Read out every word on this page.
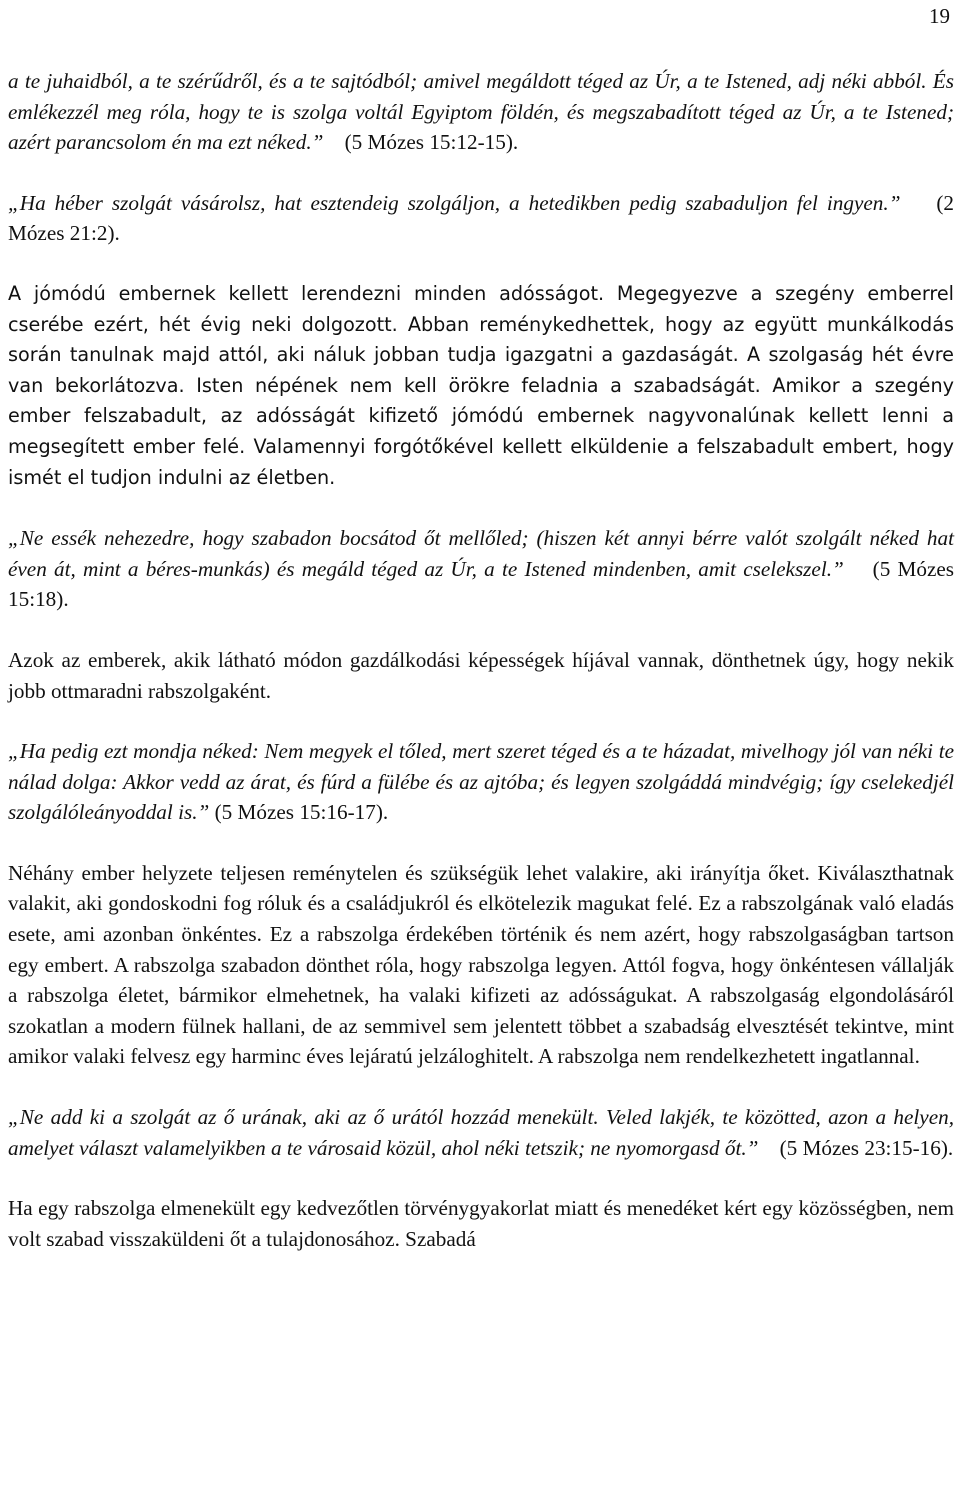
19

a te juhaidból, a te szérűdről, és a te sajtódból; amivel megáldott téged az Úr, a te Istened, adj néki abból. És emlékezzél meg róla, hogy te is szolga voltál Egyiptom földén, és megszabadított téged az Úr, a te Istened; azért parancsolom én ma ezt néked.” (5 Mózes 15:12-15).

„Ha héber szolgát vásárolsz, hat esztendeig szolgáljon, a hetedikben pedig szabaduljon fel ingyen.” (2 Mózes 21:2).

A jómódú embernek kellett lerendezni minden adósságot. Megegyezve a szegény emberrel cserébe ezért, hét évig neki dolgozott. Abban reménykedhettek, hogy az együtt munkálkodás során tanulnak majd attól, aki náluk jobban tudja igazgatni a gazdaságát. A szolgaság hét évre van bekorlátozva. Isten népének nem kell örökre feladnia a szabadságát. Amikor a szegény ember felszabadult, az adósságát kifizető jómódú embernek nagyvonalúnak kellett lenni a megsegített ember felé. Valamennyi forgótőkével kellett elküldenie a felszabadult embert, hogy ismét el tudjon indulni az életben.

„Ne essék nehezedre, hogy szabadon bocsátod őt mellőled; (hiszen két annyi bérre valót szolgált néked hat éven át, mint a béres-munkás) és megáld téged az Úr, a te Istened mindenben, amit cselekszel.” (5 Mózes 15:18).

Azok az emberek, akik látható módon gazdálkodási képességek híjával vannak, dönthetnek úgy, hogy nekik jobb ottmaradni rabszolgaként.

„Ha pedig ezt mondja néked: Nem megyek el tőled, mert szeret téged és a te házadat, mivelhogy jól van néki te nálad dolga: Akkor vedd az árat, és fúrd a fülébe és az ajtóba; és legyen szolgáddá mindvégig; így cselekedjél szolgálóleányoddal is.” (5 Mózes 15:16-17).

Néhány ember helyzete teljesen reménytelen és szükségük lehet valakire, aki irányítja őket. Kiválaszthatnak valakit, aki gondoskodni fog róluk és a családjukról és elkötelezik magukat felé. Ez a rabszolgának való eladás esete, ami azonban önkéntes. Ez a rabszolga érdekében történik és nem azért, hogy rabszolgaságban tartson egy embert. A rabszolga szabadon dönthet róla, hogy rabszolga legyen. Attól fogva, hogy önkéntesen vállalják a rabszolga életet, bármikor elmehetnek, ha valaki kifizeti az adósságukat. A rabszolgaság elgondolásáról szokatlan a modern fülnek hallani, de az semmivel sem jelentett többet a szabadság elvesztését tekintve, mint amikor valaki felvesz egy harminc éves lejáratú jelzáloghitelt. A rabszolga nem rendelkezhetett ingatlannal.

„Ne add ki a szolgát az ő urának, aki az ő urától hozzád menekült. Veled lakjék, te közötted, azon a helyen, amelyet választ valamelyikben a te városaid közül, ahol néki tetszik; ne nyomorgasd őt.” (5 Mózes 23:15-16).

Ha egy rabszolga elmenekült egy kedvezőtlen törvénygyakorlat miatt és menedéket kért egy közösségben, nem volt szabad visszaküldeni őt a tulajdonosához. Szabadá
